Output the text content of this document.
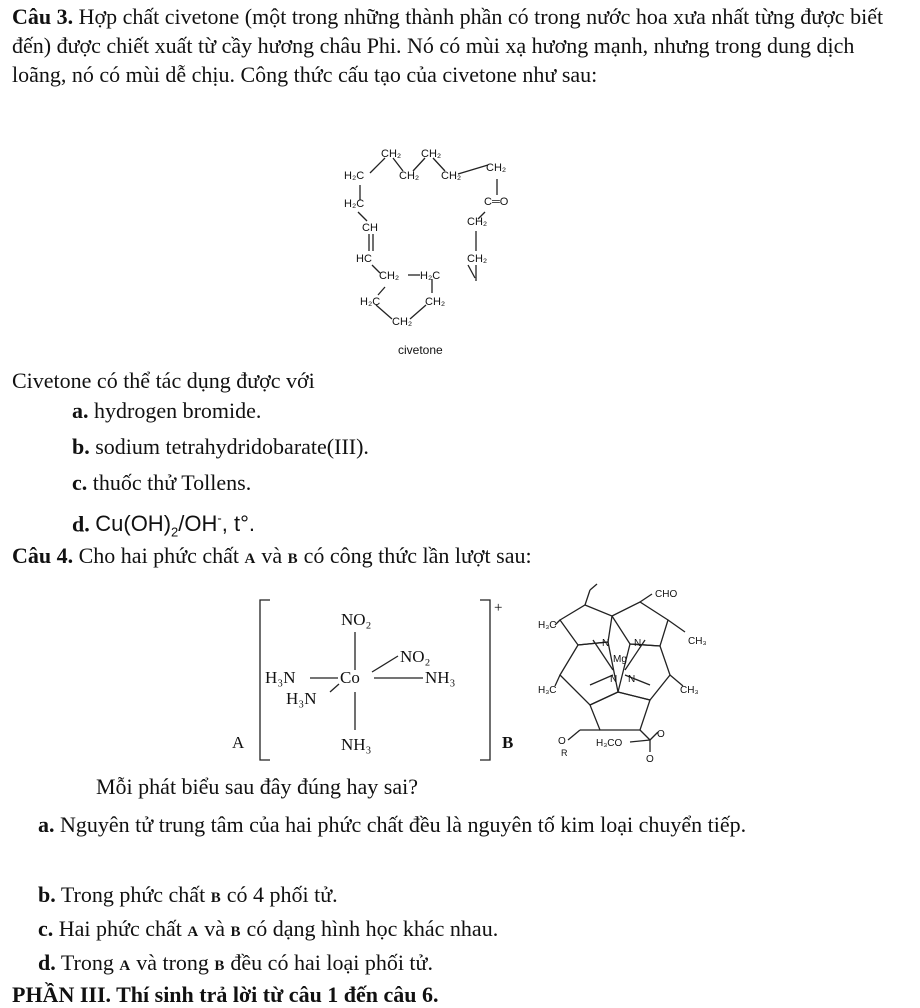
Câu 3. Hợp chất civetone (một trong những thành phần có trong nước hoa xưa nhất từng được biết đến) được chiết xuất từ cầy hương châu Phi. Nó có mùi xạ hương mạnh, nhưng trong dung dịch loãng, nó có mùi dễ chịu. Công thức cấu tạo của civetone như sau:

CH₂ CH₂
H₂C	CH₂ CH₂
CH₂
H₂C	C═O
CH	CH₂
HC	CH₂
CH₂ H₂C
H₂C	CH₂
CH₂
civetone
Civetone có thể tác dụng được với
a. hydrogen bromide.
b. sodium tetrahydridobarate(III).
c. thuốc thử Tollens.
d. $Cu(OH)_2/OH^-$, t°.
Câu 4. Cho hai phức chất A và B có công thức lần lượt sau:
NO₂
NO₂
NH₃
H₃N
H₃N
NH₃
Co
+
A
CHO
H₃C
CH₃
H₃C	CH₃
O
R
H₃CO
O
O
Mg
N N
N N
B
Mỗi phát biểu sau đây đúng hay sai?

a. Nguyên tử trung tâm của hai phức chất đều là nguyên tố kim loại chuyển tiếp.

b. Trong phức chất B có 4 phối tử.
c. Hai phức chất A và B có dạng hình học khác nhau.
d. Trong A và trong B đều có hai loại phối tử.
PHẦN III. Thí sinh trả lời từ câu 1 đến câu 6.
